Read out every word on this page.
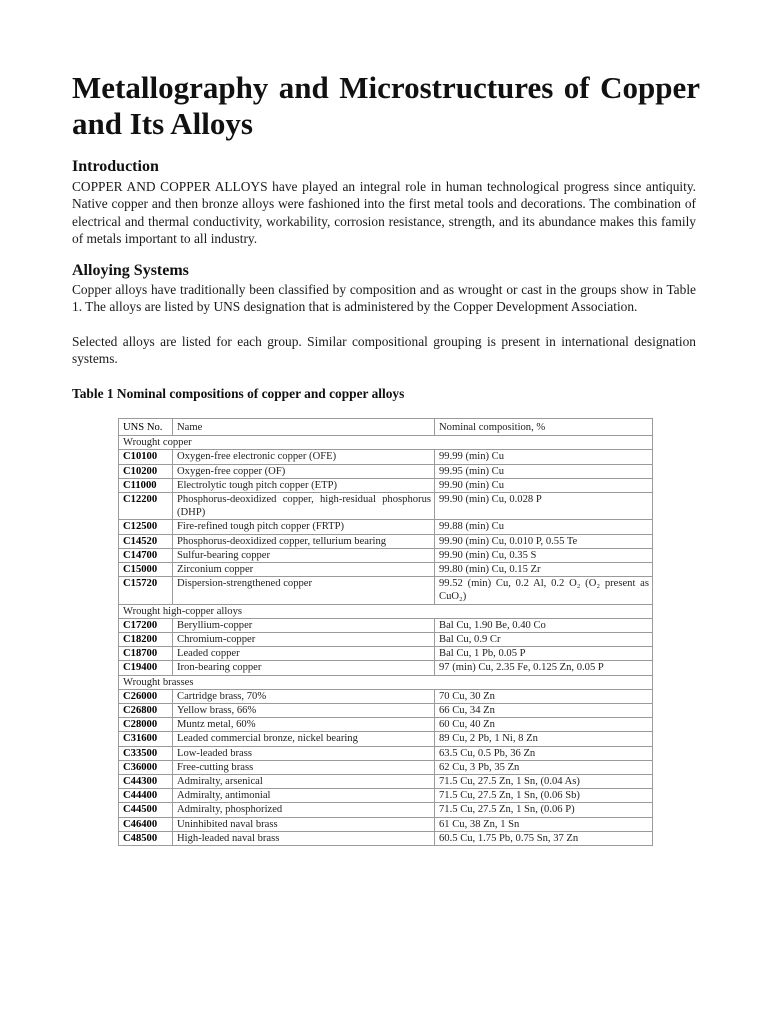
Metallography and Microstructures of Copper and Its Alloys
Introduction

COPPER AND COPPER ALLOYS have played an integral role in human technological progress since antiquity. Native copper and then bronze alloys were fashioned into the first metal tools and decorations. The combination of electrical and thermal conductivity, workability, corrosion resistance, strength, and its abundance makes this family of metals important to all industry.

Alloying Systems

Copper alloys have traditionally been classified by composition and as wrought or cast in the groups show in Table 1. The alloys are listed by UNS designation that is administered by the Copper Development Association.

Selected alloys are listed for each group. Similar compositional grouping is present in international designation systems.

Table 1 Nominal compositions of copper and copper alloys

UNS No.	Name	Nominal composition, %
Wrought copper		
C10100	Oxygen-free electronic copper (OFE)	99.99 (min) Cu
C10200	Oxygen-free copper (OF)	99.95 (min) Cu
C11000	Electrolytic tough pitch copper (ETP)	99.90 (min) Cu
C12200	Phosphorus-deoxidized copper, high-residual phosphorus (DHP)	99.90 (min) Cu, 0.028 P
C12500	Fire-refined tough pitch copper (FRTP)	99.88 (min) Cu
C14520	Phosphorus-deoxidized copper, tellurium bearing	99.90 (min) Cu, 0.010 P, 0.55 Te
C14700	Sulfur-bearing copper	99.90 (min) Cu, 0.35 S
C15000	Zirconium copper	99.80 (min) Cu, 0.15 Zr
C15720	Dispersion-strengthened copper	99.52 (min) Cu, 0.2 Al, 0.2 O₂ (O₂ present as CuO₂)
Wrought high-copper alloys		
C17200	Beryllium-copper	Bal Cu, 1.90 Be, 0.40 Co
C18200	Chromium-copper	Bal Cu, 0.9 Cr
C18700	Leaded copper	Bal Cu, 1 Pb, 0.05 P
C19400	Iron-bearing copper	97 (min) Cu, 2.35 Fe, 0.125 Zn, 0.05 P
Wrought brasses		
C26000	Cartridge brass, 70%	70 Cu, 30 Zn
C26800	Yellow brass, 66%	66 Cu, 34 Zn
C28000	Muntz metal, 60%	60 Cu, 40 Zn
C31600	Leaded commercial bronze, nickel bearing	89 Cu, 2 Pb, 1 Ni, 8 Zn
C33500	Low-leaded brass	63.5 Cu, 0.5 Pb, 36 Zn
C36000	Free-cutting brass	62 Cu, 3 Pb, 35 Zn
C44300	Admiralty, arsenical	71.5 Cu, 27.5 Zn, 1 Sn, (0.04 As)
C44400	Admiralty, antimonial	71.5 Cu, 27.5 Zn, 1 Sn, (0.06 Sb)
C44500	Admiralty, phosphorized	71.5 Cu, 27.5 Zn, 1 Sn, (0.06 P)
C46400	Uninhibited naval brass	61 Cu, 38 Zn, 1 Sn
C48500	High-leaded naval brass	60.5 Cu, 1.75 Pb, 0.75 Sn, 37 Zn
